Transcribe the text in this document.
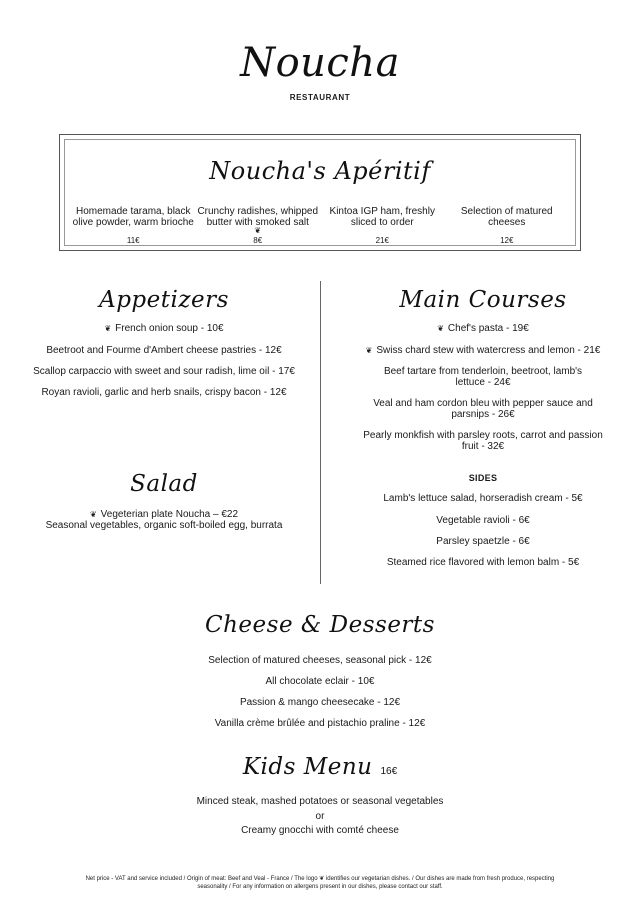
Noucha
RESTAURANT
Noucha's Apéritif
Homemade tarama, black olive powder, warm brioche
11€
Crunchy radishes, whipped butter with smoked salt
❦
8€
Kintoa IGP ham, freshly sliced to order
21€
Selection of matured cheeses
12€
Appetizers
❦ French onion soup - 10€
Beetroot and Fourme d'Ambert cheese pastries - 12€
Scallop carpaccio with sweet and sour radish, lime oil - 17€
Royan ravioli, garlic and herb snails, crispy bacon - 12€
Salad
❦ Vegeterian plate Noucha – €22
Seasonal vegetables, organic soft-boiled egg, burrata
Main Courses
❦ Chef's pasta - 19€
❦ Swiss chard stew with watercress and lemon - 21€
Beef tartare from tenderloin, beetroot, lamb's lettuce - 24€
Veal and ham cordon bleu with pepper sauce and parsnips - 26€
Pearly monkfish with parsley roots, carrot and passion fruit - 32€
SIDES
Lamb's lettuce salad, horseradish cream - 5€
Vegetable ravioli - 6€
Parsley spaetzle - 6€
Steamed rice flavored with lemon balm - 5€
Cheese & Desserts
Selection of matured cheeses, seasonal pick - 12€
All chocolate eclair - 10€
Passion & mango cheesecake - 12€
Vanilla crème brûlée and pistachio praline - 12€
Kids Menu 16€
Minced steak, mashed potatoes or seasonal vegetables
or
Creamy gnocchi with comté cheese
Net price - VAT and service included / Origin of meat: Beef and Veal - France / The logo ❦ identifies our vegetarian dishes. / Our dishes are made from fresh produce, respecting
seasonality / For any information on allergens present in our dishes, please contact our staff.
